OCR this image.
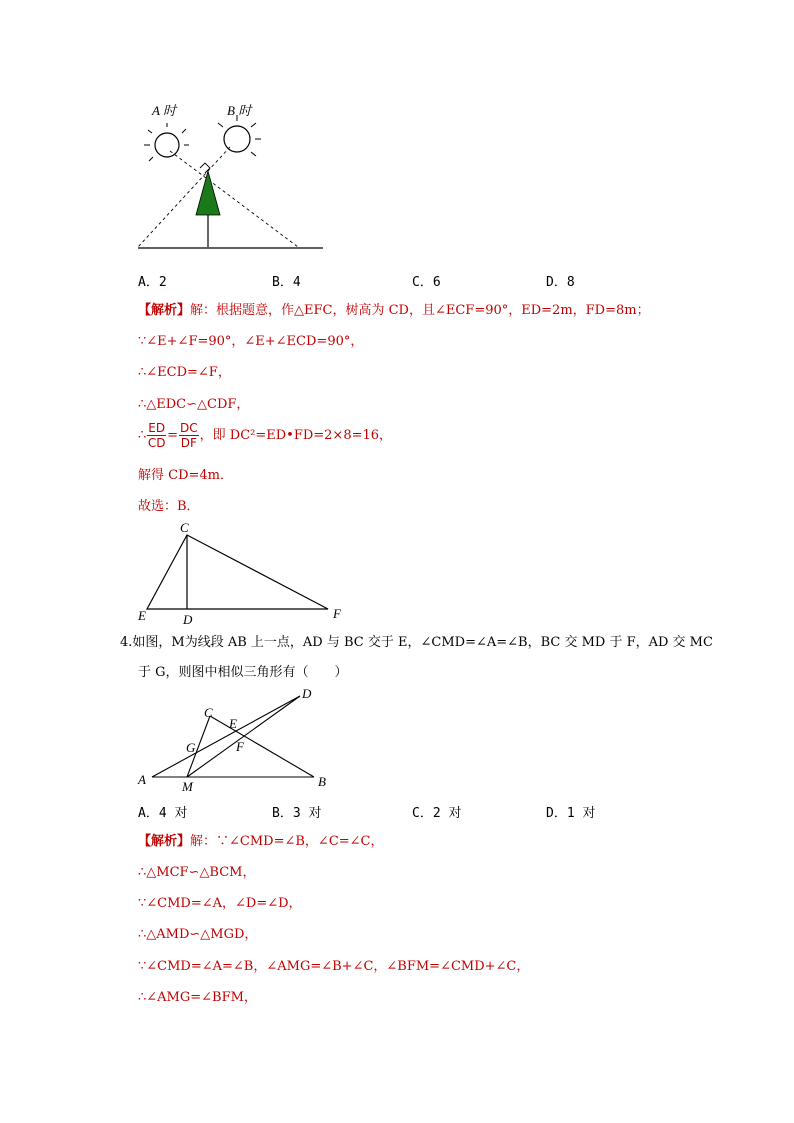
A 时	B 时
A．2	B．4	C．6	D．8
【解析】解：根据题意，作△EFC，树高为 CD，且∠ECF=90°，ED=2m，FD=8m；
∵∠E+∠F=90°，∠E+∠ECD=90°，
∴∠ECD=∠F，
∴△EDC∽△CDF，
∴ $\frac{ED}{CD} = \frac{DC}{DF}$ ，即 DC²=ED•FD=2×8=16，
解得 CD=4m．
故选：B．
C
E	D	F
4.如图，M为线段 AB 上一点，AD 与 BC 交于 E，∠CMD=∠A=∠B，BC 交 MD 于 F，AD 交 MC
于 G，则图中相似三角形有（　　）
D
C
E
G	F
A	M	B
A．4 对	B．3 对	C．2 对	D．1 对
【解析】解：∵∠CMD=∠B，∠C=∠C，
∴△MCF∽△BCM，
∵∠CMD=∠A，∠D=∠D，
∴△AMD∽△MGD，
∵∠CMD=∠A=∠B，∠AMG=∠B+∠C，∠BFM=∠CMD+∠C，
∴∠AMG=∠BFM，
